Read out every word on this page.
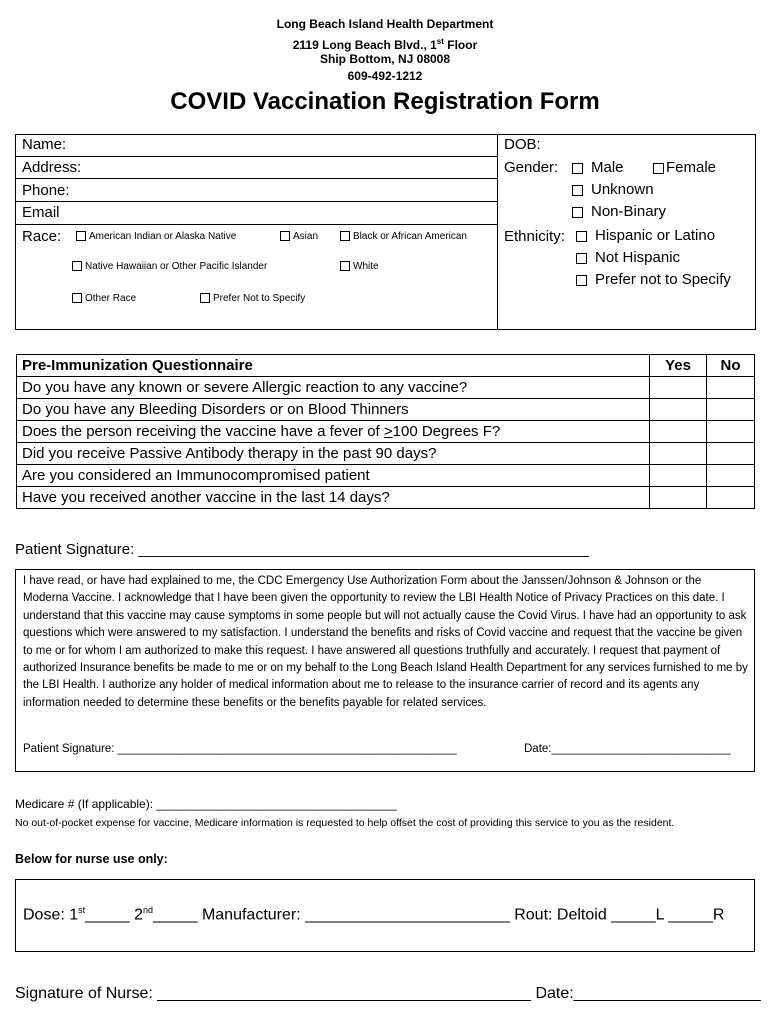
Long Beach Island Health Department
2119 Long Beach Blvd., 1st Floor
Ship Bottom, NJ 08008
609-492-1212
COVID Vaccination Registration Form
Name:
Address:
Phone:
Email
Race:	American Indian or Alaska Native	Asian	Black or African American
Native Hawaiian or Other Pacific Islander	White
Other Race	Prefer Not to Specify
DOB:
Gender:	Male	Female
Unknown
Non-Binary
Ethnicity:	Hispanic or Latino
Not Hispanic
Prefer not to Specify
Pre-Immunization Questionnaire	Yes	No
Do you have any known or severe Allergic reaction to any vaccine?		
Do you have any Bleeding Disorders or on Blood Thinners		
Does the person receiving the vaccine have a fever of >100 Degrees F?		
Did you receive Passive Antibody therapy in the past 90 days?		
Are you considered an Immunocompromised patient		
Have you received another vaccine in the last 14 days?		
Patient Signature: ______________________________________________________
I have read, or have had explained to me, the CDC Emergency Use Authorization Form about the Janssen/Johnson & Johnson or the Moderna Vaccine. I acknowledge that I have been given the opportunity to review the LBI Health Notice of Privacy Practices on this date. I understand that this vaccine may cause symptoms in some people but will not actually cause the Covid Virus. I have had an opportunity to ask questions which were answered to my satisfaction. I understand the benefits and risks of Covid vaccine and request that the vaccine be given to me or for whom I am authorized to make this request. I have answered all questions truthfully and accurately. I request that payment of authorized Insurance benefits be made to me or on my behalf to the Long Beach Island Health Department for any services furnished to me by the LBI Health. I authorize any holder of medical information about me to release to the insurance carrier of record and its agents any information needed to determine these benefits or the benefits payable for related services.
Patient Signature: _____________________________________________________	Date:____________________________
Medicare # (If applicable): ____________________________________
No out-of-pocket expense for vaccine, Medicare information is requested to help offset the cost of providing this service to you as the resident.
Below for nurse use only:
Dose: 1st_____ 2nd_____ Manufacturer: _______________________ Rout: Deltoid _____L _____R
Signature of Nurse: __________________________________________ Date:_____________________
